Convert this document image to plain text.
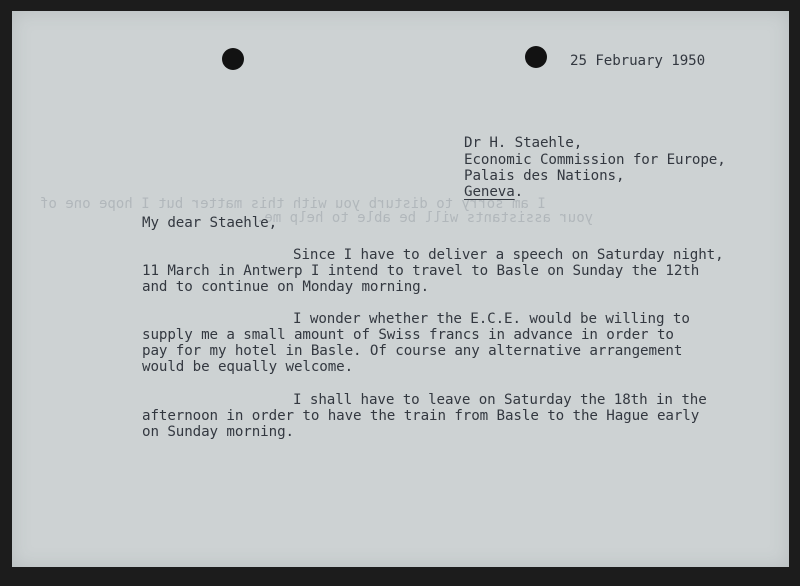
25 February 1950
Dr H. Staehle,
Economic Commission for Europe,
Palais des Nations,
Geneva.
I am sorry to disturb you with this matter but I hope one of
your assistants will be able to help me.
My dear Staehle,
Since I have to deliver a speech on Saturday night,
11 March in Antwerp I intend to travel to Basle on Sunday the 12th
and to continue on Monday morning.
I wonder whether the E.C.E. would be willing to
supply me a small amount of Swiss francs in advance in order to
pay for my hotel in Basle. Of course any alternative arrangement
would be equally welcome.
I shall have to leave on Saturday the 18th in the
afternoon in order to have the train from Basle to the Hague early
on Sunday morning.
